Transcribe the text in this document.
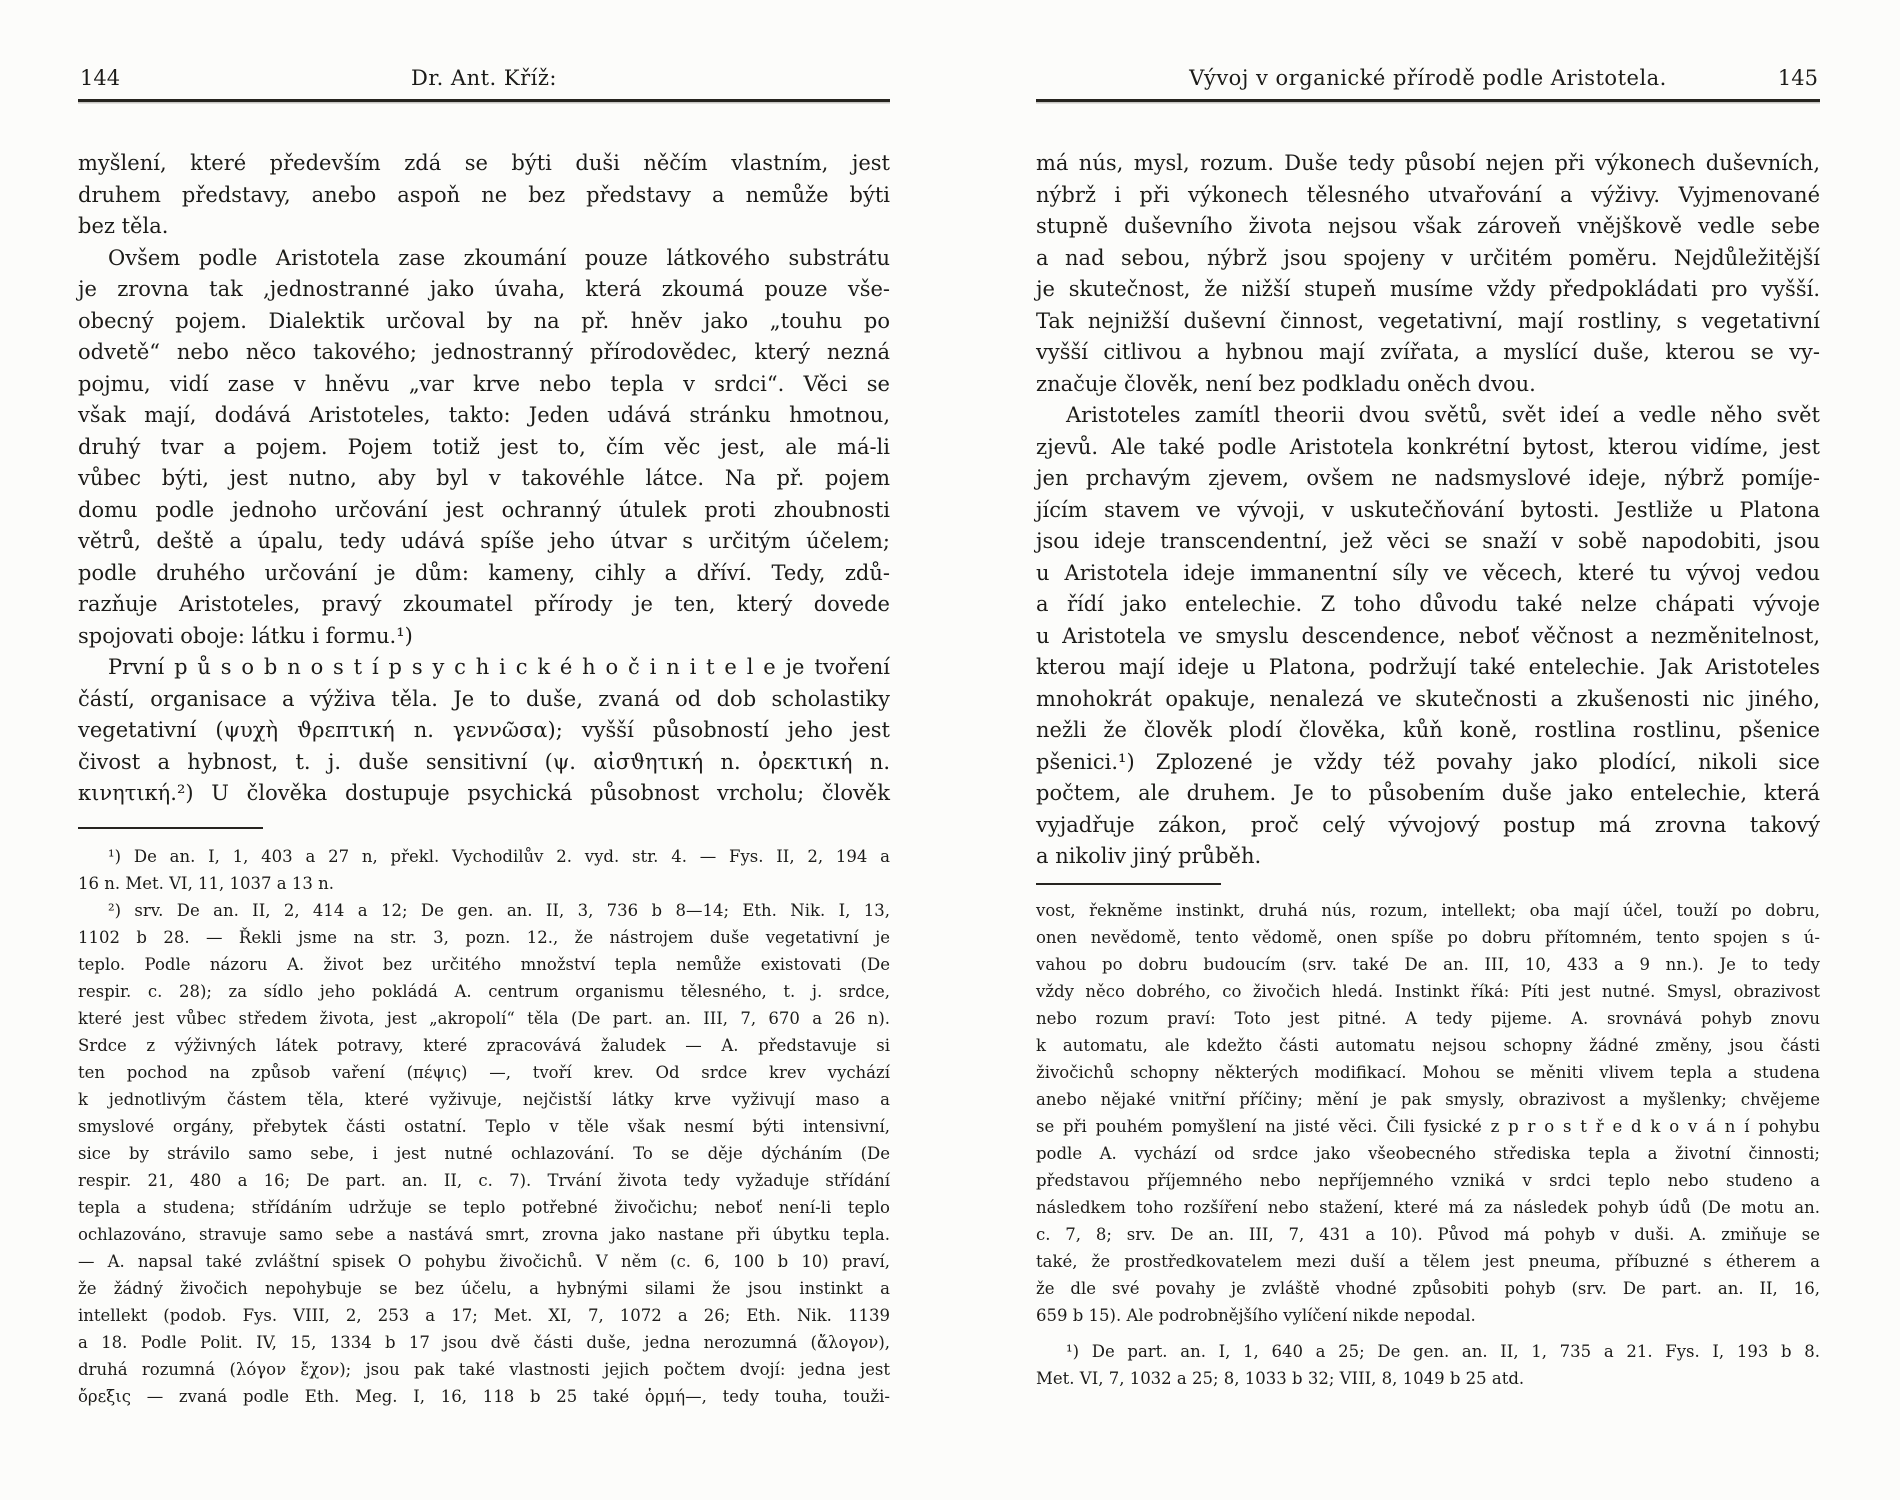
144	Dr. Ant. Kříž:
myšlení, které především zdá se býti duši něčím vlastním, jest
druhem představy, anebo aspoň ne bez představy a nemůže býti
bez těla.
Ovšem podle Aristotela zase zkoumání pouze látkového substrátu
je zrovna tak ,jednostranné jako úvaha, která zkoumá pouze vše-
obecný pojem. Dialektik určoval by na př. hněv jako „touhu po
odvetě“ nebo něco takového; jednostranný přírodovědec, který nezná
pojmu, vidí zase v hněvu „var krve nebo tepla v srdci“. Věci se
však mají, dodává Aristoteles, takto: Jeden udává stránku hmotnou,
druhý tvar a pojem. Pojem totiž jest to, čím věc jest, ale má-li
vůbec býti, jest nutno, aby byl v takovéhle látce. Na př. pojem
domu podle jednoho určování jest ochranný útulek proti zhoubnosti
větrů, deště a úpalu, tedy udává spíše jeho útvar s určitým účelem;
podle druhého určování je dům: kameny, cihly a dříví. Tedy, zdů-
razňuje Aristoteles, pravý zkoumatel přírody je ten, který dovede
spojovati oboje: látku i formu.¹)
První p ů s o b n o s t í p s y c h i c k é h o č i n i t e l e je tvoření
částí, organisace a výživa těla. Je to duše, zvaná od dob scholastiky
vegetativní (ψυχὴ ϑρεπτική n. γεννῶσα); vyšší působností jeho jest
čivost a hybnost, t. j. duše sensitivní (ψ. αἰσϑητική n. ὀρεκτική n.
κινητική.²) U člověka dostupuje psychická působnost vrcholu; člověk
¹) De an. I, 1, 403 a 27 n, překl. Vychodilův 2. vyd. str. 4. — Fys. II, 2, 194 a
16 n. Met. VI, 11, 1037 a 13 n.
²) srv. De an. II, 2, 414 a 12; De gen. an. II, 3, 736 b 8—14; Eth. Nik. I, 13,
1102 b 28. — Řekli jsme na str. 3, pozn. 12., že nástrojem duše vegetativní je
teplo. Podle názoru A. život bez určitého množství tepla nemůže existovati (De
respir. c. 28); za sídlo jeho pokládá A. centrum organismu tělesného, t. j. srdce,
které jest vůbec středem života, jest „akropolí“ těla (De part. an. III, 7, 670 a 26 n).
Srdce z výživných látek potravy, které zpracovává žaludek — A. představuje si
ten pochod na způsob vaření (πέψις) —, tvoří krev. Od srdce krev vychází
k jednotlivým částem těla, které vyživuje, nejčistší látky krve vyživují maso a
smyslové orgány, přebytek části ostatní. Teplo v těle však nesmí býti intensivní,
sice by strávilo samo sebe, i jest nutné ochlazování. To se děje dýcháním (De
respir. 21, 480 a 16; De part. an. II, c. 7). Trvání života tedy vyžaduje střídání
tepla a studena; střídáním udržuje se teplo potřebné živočichu; neboť není-li teplo
ochlazováno, stravuje samo sebe a nastává smrt, zrovna jako nastane při úbytku tepla.
— A. napsal také zvláštní spisek O pohybu živočichů. V něm (c. 6, 100 b 10) praví,
že žádný živočich nepohybuje se bez účelu, a hybnými silami že jsou instinkt a
intellekt (podob. Fys. VIII, 2, 253 a 17; Met. XI, 7, 1072 a 26; Eth. Nik. 1139
a 18. Podle Polit. IV, 15, 1334 b 17 jsou dvě části duše, jedna nerozumná (ἄλογον),
druhá rozumná (λόγον ἔχον); jsou pak také vlastnosti jejich počtem dvojí: jedna jest
ὄρεξις — zvaná podle Eth. Meg. I, 16, 118 b 25 také ὁρμή—, tedy touha, touži-
Vývoj v organické přírodě podle Aristotela.	145
má nús, mysl, rozum. Duše tedy působí nejen při výkonech duševních,
nýbrž i při výkonech tělesného utvařování a výživy. Vyjmenované
stupně duševního života nejsou však zároveň vnějškově vedle sebe
a nad sebou, nýbrž jsou spojeny v určitém poměru. Nejdůležitější
je skutečnost, že nižší stupeň musíme vždy předpokládati pro vyšší.
Tak nejnižší duševní činnost, vegetativní, mají rostliny, s vegetativní
vyšší citlivou a hybnou mají zvířata, a myslící duše, kterou se vy-
značuje člověk, není bez podkladu oněch dvou.
Aristoteles zamítl theorii dvou světů, svět ideí a vedle něho svět
zjevů. Ale také podle Aristotela konkrétní bytost, kterou vidíme, jest
jen prchavým zjevem, ovšem ne nadsmyslové ideje, nýbrž pomíje-
jícím stavem ve vývoji, v uskutečňování bytosti. Jestliže u Platona
jsou ideje transcendentní, jež věci se snaží v sobě napodobiti, jsou
u Aristotela ideje immanentní síly ve věcech, které tu vývoj vedou
a řídí jako entelechie. Z toho důvodu také nelze chápati vývoje
u Aristotela ve smyslu descendence, neboť věčnost a nezměnitelnost,
kterou mají ideje u Platona, podržují také entelechie. Jak Aristoteles
mnohokrát opakuje, nenalezá ve skutečnosti a zkušenosti nic jiného,
nežli že člověk plodí člověka, kůň koně, rostlina rostlinu, pšenice
pšenici.¹) Zplozené je vždy též povahy jako plodící, nikoli sice
počtem, ale druhem. Je to působením duše jako entelechie, která
vyjadřuje zákon, proč celý vývojový postup má zrovna takový
a nikoliv jiný průběh.
vost, řekněme instinkt, druhá nús, rozum, intellekt; oba mají účel, touží po dobru,
onen nevědomě, tento vědomě, onen spíše po dobru přítomném, tento spojen s ú-
vahou po dobru budoucím (srv. také De an. III, 10, 433 a 9 nn.). Je to tedy
vždy něco dobrého, co živočich hledá. Instinkt říká: Píti jest nutné. Smysl, obrazivost
nebo rozum praví: Toto jest pitné. A tedy pijeme. A. srovnává pohyb znovu
k automatu, ale kdežto části automatu nejsou schopny žádné změny, jsou části
živočichů schopny některých modifikací. Mohou se měniti vlivem tepla a studena
anebo nějaké vnitřní příčiny; mění je pak smysly, obrazivost a myšlenky; chvějeme
se při pouhém pomyšlení na jisté věci. Čili fysické z p r o s t ř e d k o v á n í pohybu
podle A. vychází od srdce jako všeobecného střediska tepla a životní činnosti;
představou příjemného nebo nepříjemného vzniká v srdci teplo nebo studeno a
následkem toho rozšíření nebo stažení, které má za následek pohyb údů (De motu an.
c. 7, 8; srv. De an. III, 7, 431 a 10). Původ má pohyb v duši. A. zmiňuje se
také, že prostředkovatelem mezi duší a tělem jest pneuma, příbuzné s étherem a
že dle své povahy je zvláště vhodné způsobiti pohyb (srv. De part. an. II, 16,
659 b 15). Ale podrobnějšího vylíčení nikde nepodal.
¹) De part. an. I, 1, 640 a 25; De gen. an. II, 1, 735 a 21. Fys. I, 193 b 8.
Met. VI, 7, 1032 a 25; 8, 1033 b 32; VIII, 8, 1049 b 25 atd.
